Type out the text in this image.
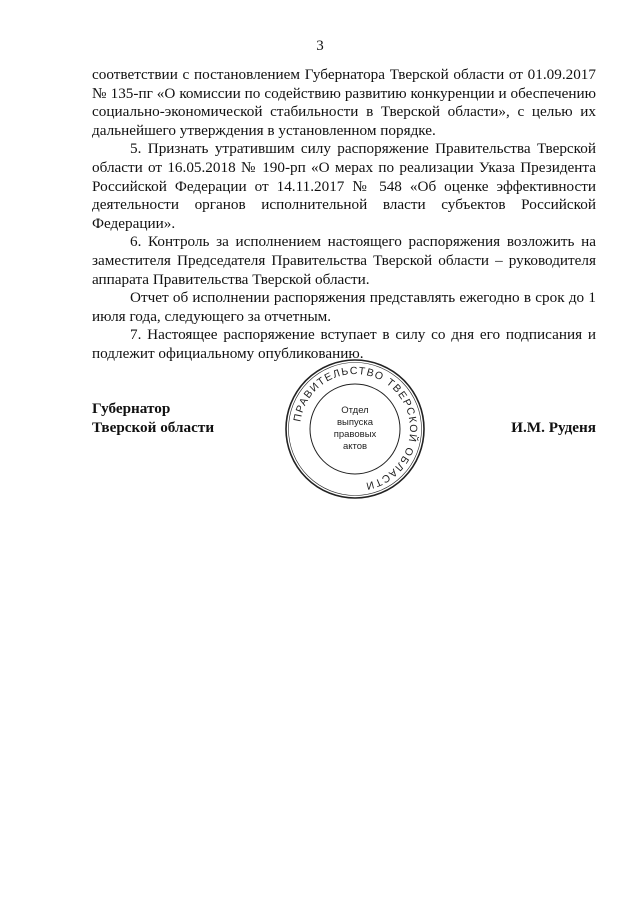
3

соответствии с постановлением Губернатора Тверской области от 01.09.2017 № 135-пг «О комиссии по содействию развитию конкуренции и обеспечению социально-экономической стабильности в Тверской области», с целью их дальнейшего утверждения в установленном порядке.

5. Признать утратившим силу распоряжение Правительства Тверской области от 16.05.2018 № 190-рп «О мерах по реализации Указа Президента Российской Федерации от 14.11.2017 № 548 «Об оценке эффективности деятельности органов исполнительной власти субъектов Российской Федерации».

6. Контроль за исполнением настоящего распоряжения возложить на заместителя Председателя Правительства Тверской области – руководителя аппарата Правительства Тверской области.

Отчет об исполнении распоряжения представлять ежегодно в срок до 1 июля года, следующего за отчетным.

7. Настоящее распоряжение вступает в силу со дня его подписания и подлежит официальному опубликованию.

Губернатор
Тверской области	И.М. Руденя
ПРАВИТЕЛЬСТВО ТВЕРСКОЙ ОБЛАСТИ
Отдел
выпуска
правовых
актов
